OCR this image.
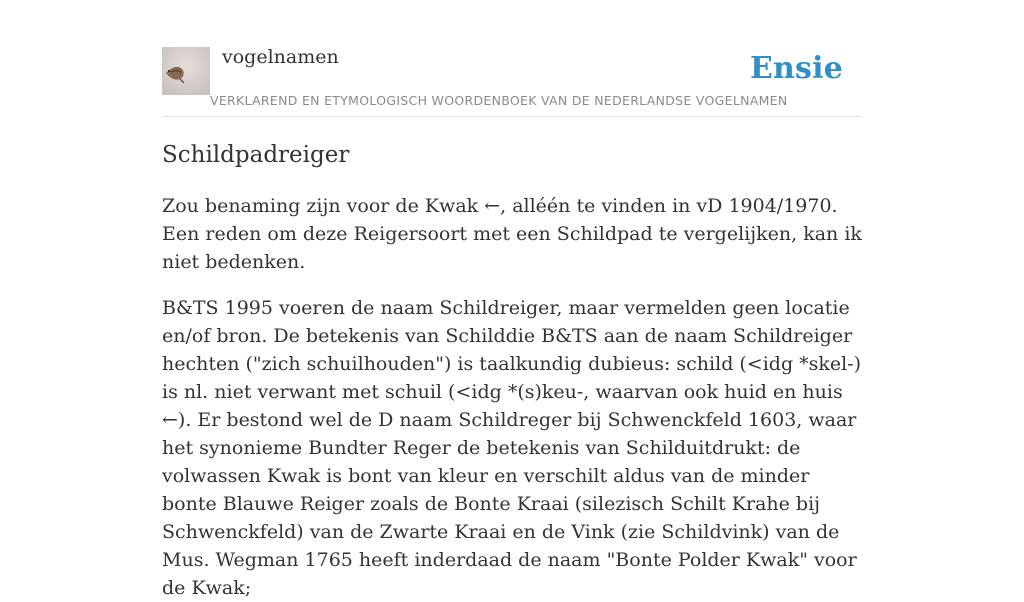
vogelnamen	Ensie
VERKLAREND EN ETYMOLOGISCH WOORDENBOEK VAN DE NEDERLANDSE VOGELNAMEN
Schildpadreiger

Zou benaming zijn voor de Kwak ←, alléén te vinden in vD 1904/1970. Een reden om deze Reigersoort met een Schildpad te vergelijken, kan ik niet bedenken.

B&TS 1995 voeren de naam Schildreiger, maar vermelden geen locatie en/of bron. De betekenis van Schilddie B&TS aan de naam Schildreiger hechten ("zich schuilhouden") is taalkundig dubieus: schild (<idg *skel-) is nl. niet verwant met schuil (<idg *(s)keu-, waarvan ook huid en huis ←). Er bestond wel de D naam Schildreger bij Schwenckfeld 1603, waar het synonieme Bundter Reger de betekenis van Schilduitdrukt: de volwassen Kwak is bont van kleur en verschilt aldus van de minder bonte Blauwe Reiger zoals de Bonte Kraai (silezisch Schilt Krahe bij Schwenckfeld) van de Zwarte Kraai en de Vink (zie Schildvink) van de Mus. Wegman 1765 heeft inderdaad de naam "Bonte Polder Kwak" voor de Kwak;
